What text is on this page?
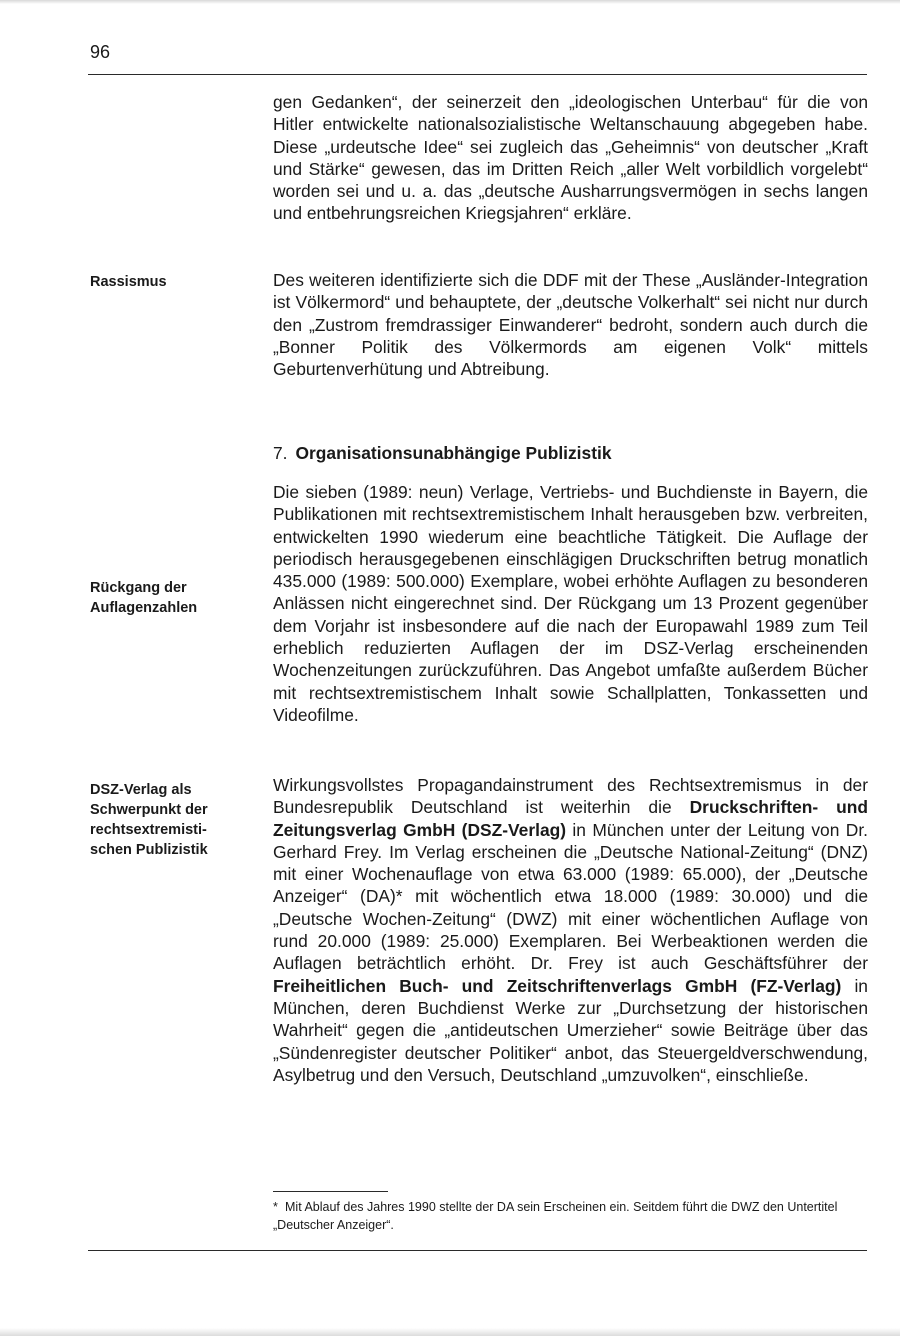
96
Rassismus
Rückgang der
Auflagenzahlen
DSZ-Verlag als
Schwerpunkt der
rechtsextremisti-
schen Publizistik

gen Gedanken“, der seinerzeit den „ideologischen Unterbau“ für die von Hitler entwickelte nationalsozialistische Weltanschauung abgegeben habe. Diese „urdeutsche Idee“ sei zugleich das „Geheimnis“ von deutscher „Kraft und Stärke“ gewesen, das im Dritten Reich „aller Welt vorbildlich vorgelebt“ worden sei und u. a. das „deutsche Ausharrungsvermögen in sechs langen und entbehrungsreichen Kriegsjahren“ erkläre.

Des weiteren identifizierte sich die DDF mit der These „Ausländer-Integration ist Völkermord“ und behauptete, der „deutsche Volkerhalt“ sei nicht nur durch den „Zustrom fremdrassiger Einwanderer“ bedroht, sondern auch durch die „Bonner Politik des Völkermords am eigenen Volk“ mittels Geburtenverhütung und Abtreibung.

7. Organisationsunabhängige Publizistik

Die sieben (1989: neun) Verlage, Vertriebs- und Buchdienste in Bayern, die Publikationen mit rechtsextremistischem Inhalt herausgeben bzw. verbreiten, entwickelten 1990 wiederum eine beachtliche Tätigkeit. Die Auflage der periodisch herausgegebenen einschlägigen Druckschriften betrug monatlich 435.000 (1989: 500.000) Exemplare, wobei erhöhte Auflagen zu besonderen Anlässen nicht eingerechnet sind. Der Rückgang um 13 Prozent gegenüber dem Vorjahr ist insbesondere auf die nach der Europawahl 1989 zum Teil erheblich reduzierten Auflagen der im DSZ-Verlag erscheinenden Wochenzeitungen zurückzuführen. Das Angebot umfaßte außerdem Bücher mit rechtsextremistischem Inhalt sowie Schallplatten, Tonkassetten und Videofilme.

Wirkungsvollstes Propagandainstrument des Rechtsextremismus in der Bundesrepublik Deutschland ist weiterhin die Druckschriften- und Zeitungsverlag GmbH (DSZ-Verlag) in München unter der Leitung von Dr. Gerhard Frey. Im Verlag erscheinen die „Deutsche National-Zeitung“ (DNZ) mit einer Wochenauflage von etwa 63.000 (1989: 65.000), der „Deutsche Anzeiger“ (DA)* mit wöchentlich etwa 18.000 (1989: 30.000) und die „Deutsche Wochen-Zeitung“ (DWZ) mit einer wöchentlichen Auflage von rund 20.000 (1989: 25.000) Exemplaren. Bei Werbeaktionen werden die Auflagen beträchtlich erhöht. Dr. Frey ist auch Geschäftsführer der Freiheitlichen Buch- und Zeitschriftenverlags GmbH (FZ-Verlag) in München, deren Buchdienst Werke zur „Durchsetzung der historischen Wahrheit“ gegen die „antideutschen Umerzieher“ sowie Beiträge über das „Sündenregister deutscher Politiker“ anbot, das Steuergeldverschwendung, Asylbetrug und den Versuch, Deutschland „umzuvolken“, einschließe.

* Mit Ablauf des Jahres 1990 stellte der DA sein Erscheinen ein. Seitdem führt die DWZ den Untertitel „Deutscher Anzeiger“.
